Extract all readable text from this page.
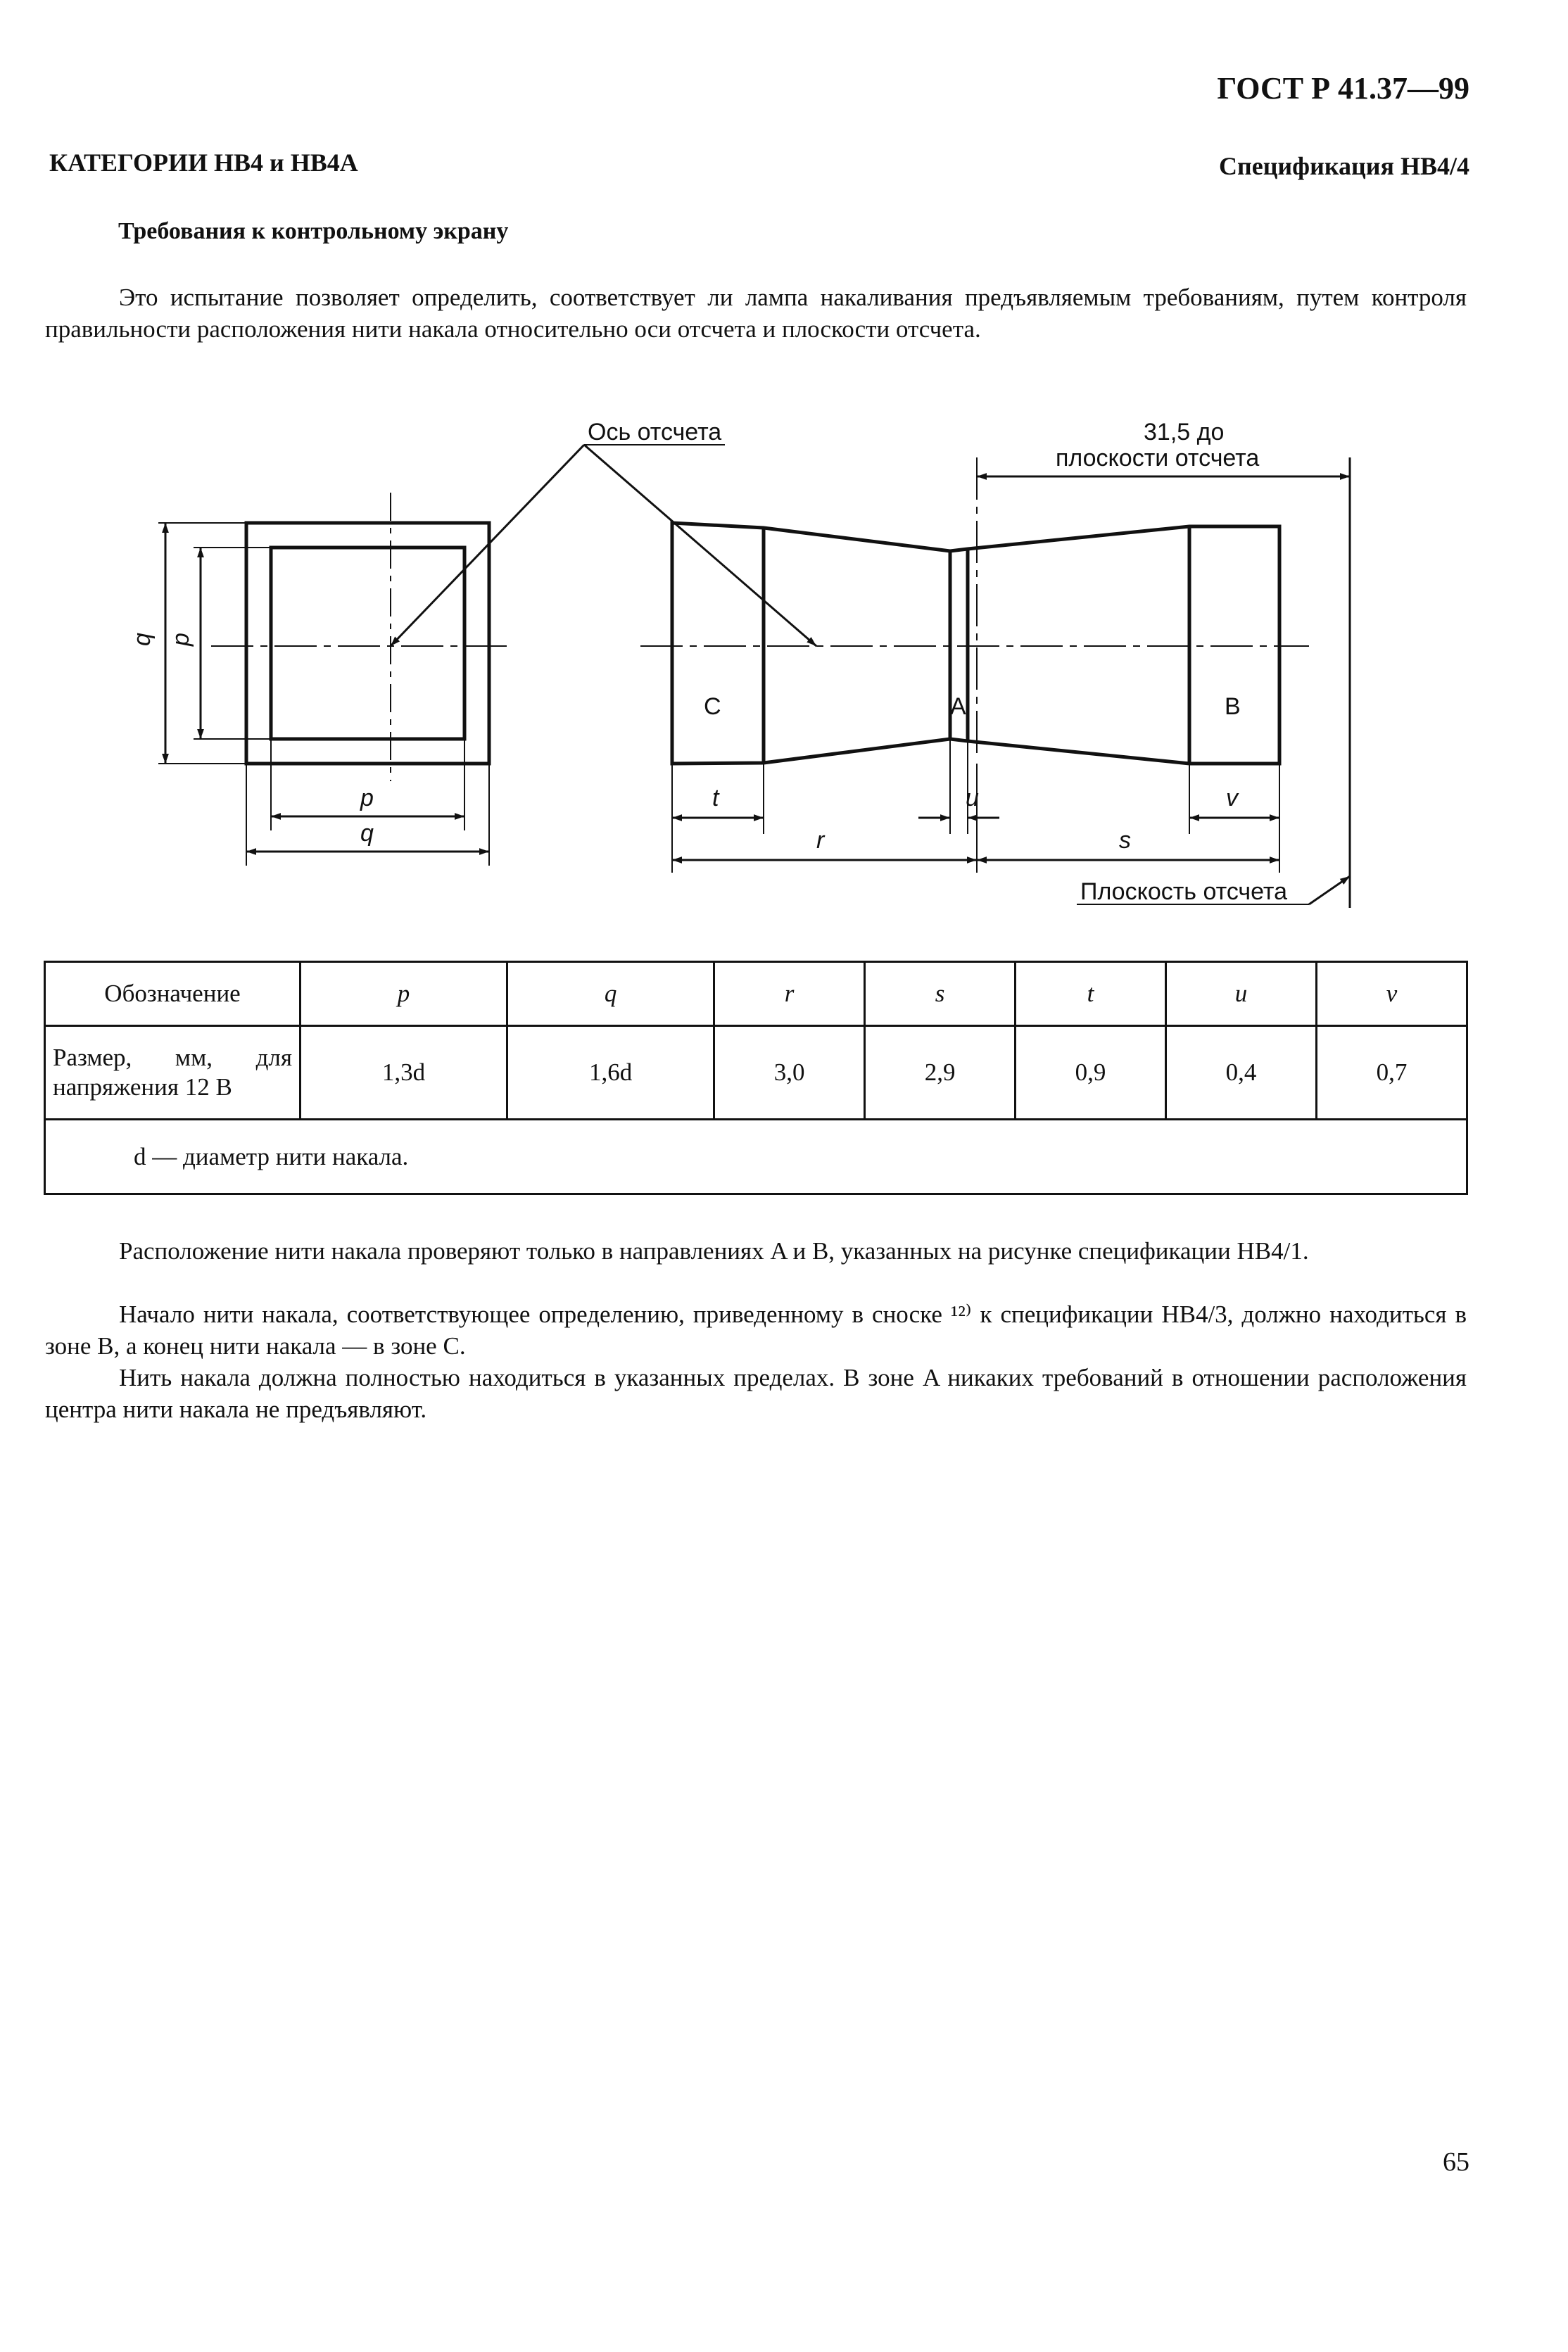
ГОСТ Р 41.37—99
КАТЕГОРИИ HB4 и HB4A	Спецификация HB4/4
Требования к контрольному экрану
Это испытание позволяет определить, соответствует ли лампа накаливания предъявляемым требованиям, путем контроля правильности расположения нити накала относительно оси отсчета и плоскости отсчета.
Ось отсчета	31,5 до
плоскости отсчета
Плоскость отсчета
C	A	B
q p
p
q
t	u	v
r	s
Обозначение	p	q	r	s	t	u	v
Размер, мм, для напряжения 12 В	1,3d	1,6d	3,0	2,9	0,9	0,4	0,7
d — диаметр нити накала.							
Расположение нити накала проверяют только в направлениях A и B, указанных на рисунке спецификации HB4/1.
Начало нити накала, соответствующее определению, приведенному в сноске ¹²⁾ к спецификации HB4/3, должно находиться в зоне B, а конец нити накала — в зоне C.
Нить накала должна полностью находиться в указанных пределах. В зоне A никаких требований в отношении расположения центра нити накала не предъявляют.
65
